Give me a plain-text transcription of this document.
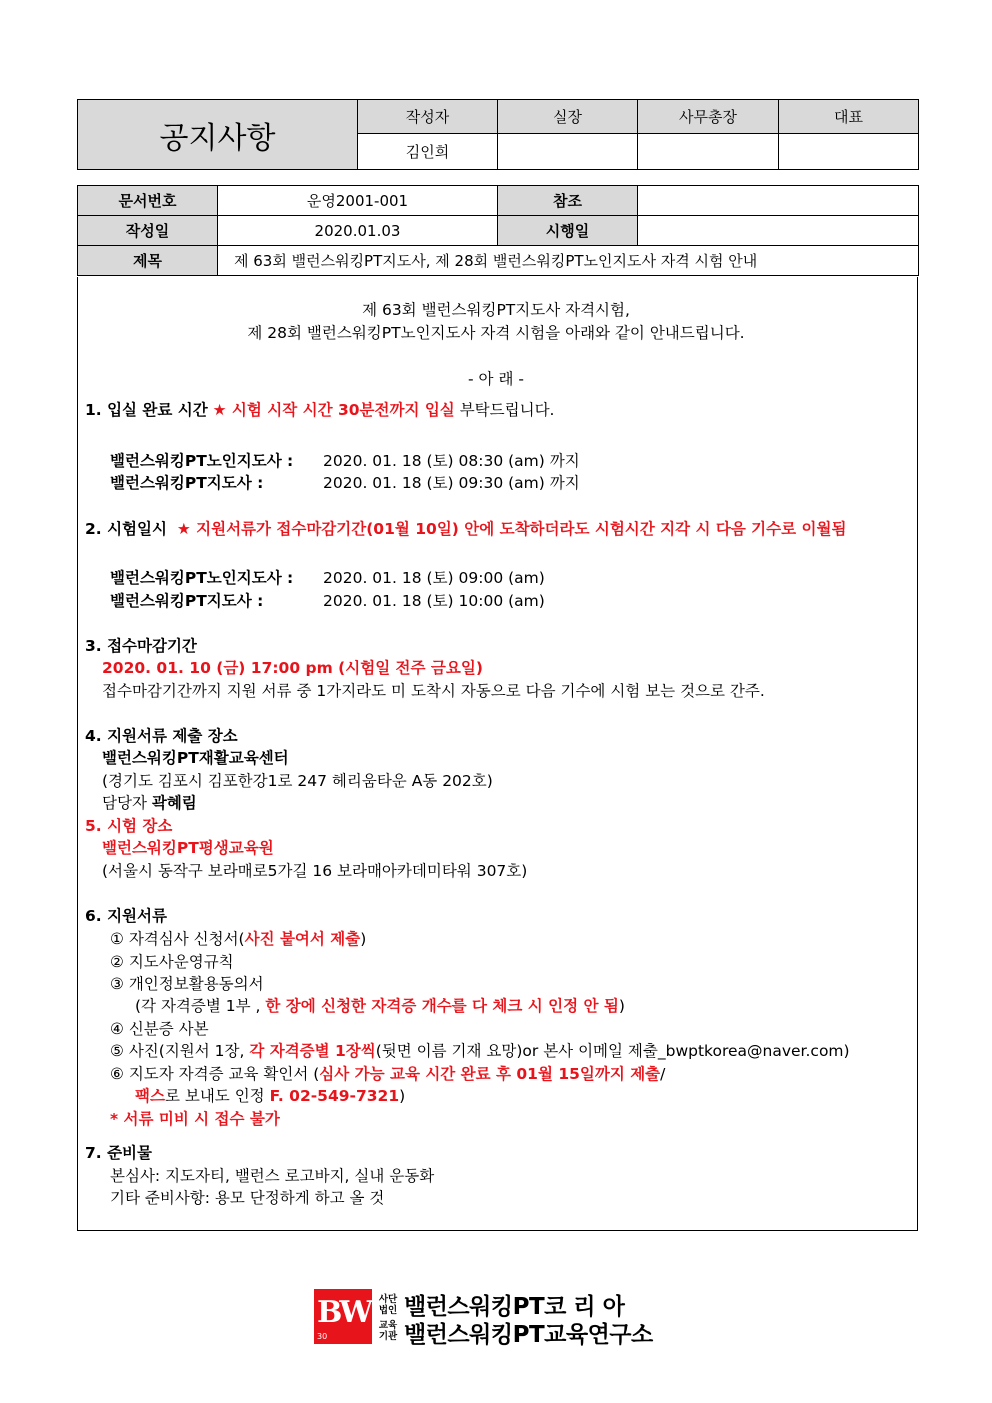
공지사항	작성자	실장	사무총장	대표
	김인희			
문서번호	운영2001-001	참조	
작성일	2020.01.03	시행일	
제목	제 63회 밸런스워킹PT지도사, 제 28회 밸런스워킹PT노인지도사 자격 시험 안내		
제 63회 밸런스워킹PT지도사 자격시험,
제 28회 밸런스워킹PT노인지도사 자격 시험을 아래와 같이 안내드립니다.
- 아 래 -
1. 입실 완료 시간 ★ 시험 시작 시간 30분전까지 입실 부탁드립니다.
밸런스워킹PT노인지도사 : 2020. 01. 18 (토) 08:30 (am) 까지
밸런스워킹PT지도사 :	2020. 01. 18 (토) 09:30 (am) 까지
2. 시험일시 ★ 지원서류가 접수마감기간(01월 10일) 안에 도착하더라도 시험시간 지각 시 다음 기수로 이월됨
밸런스워킹PT노인지도사 : 2020. 01. 18 (토) 09:00 (am)
밸런스워킹PT지도사 :	2020. 01. 18 (토) 10:00 (am)
3. 접수마감기간
2020. 01. 10 (금) 17:00 pm (시험일 전주 금요일)
접수마감기간까지 지원 서류 중 1가지라도 미 도착시 자동으로 다음 기수에 시험 보는 것으로 간주.
4. 지원서류 제출 장소
밸런스워킹PT재활교육센터
(경기도 김포시 김포한강1로 247 헤리움타운 A동 202호)
담당자 곽혜림
5. 시험 장소
밸런스워킹PT평생교육원
(서울시 동작구 보라매로5가길 16 보라매아카데미타워 307호)
6. 지원서류
① 자격심사 신청서(사진 붙여서 제출)
② 지도사운영규칙
③ 개인정보활용동의서
(각 자격증별 1부 , 한 장에 신청한 자격증 개수를 다 체크 시 인정 안 됨)
④ 신분증 사본
⑤ 사진(지원서 1장, 각 자격증별 1장씩(뒷면 이름 기재 요망)or 본사 이메일 제출_bwptkorea@naver.com)
⑥ 지도자 자격증 교육 확인서 (심사 가능 교육 시간 완료 후 01월 15일까지 제출/
팩스로 보내도 인정 F. 02-549-7321)
* 서류 미비 시 접수 불가
7. 준비물
본심사: 지도자티, 밸런스 로고바지, 실내 운동화
기타 준비사항: 용모 단정하게 하고 올 것
BW
30
사단
법인
교육
기관
밸런스워킹PT코 리 아
밸런스워킹PT교육연구소
